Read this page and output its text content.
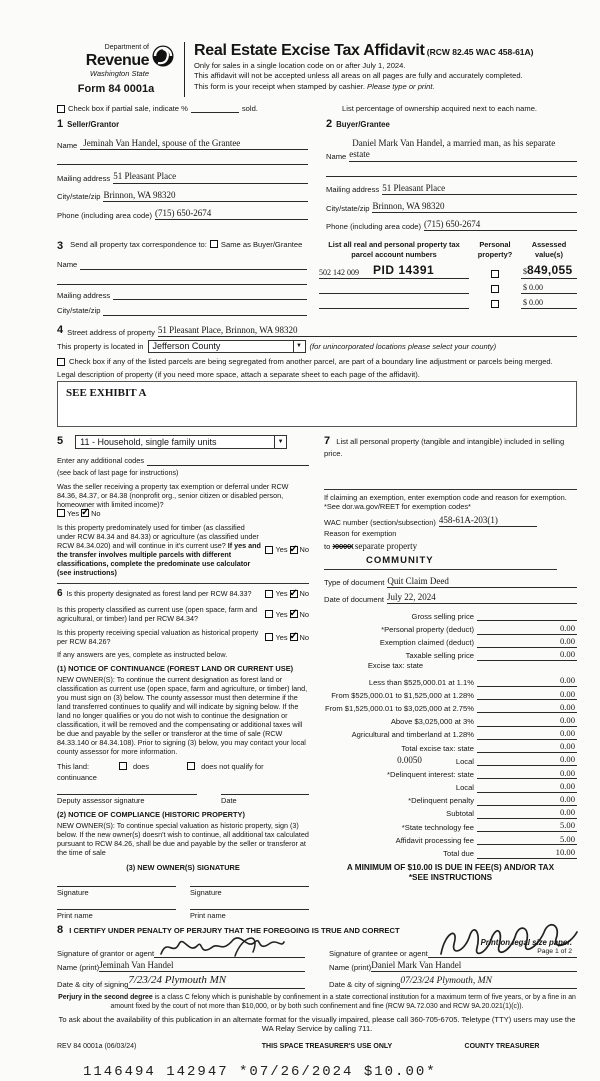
Department of
Revenue
Washington State
Form 84 0001a
Real Estate Excise Tax Affidavit (RCW 82.45 WAC 458-61A)
Only for sales in a single location code on or after July 1, 2024.
This affidavit will not be accepted unless all areas on all pages are fully and accurately completed.
This form is your receipt when stamped by cashier. Please type or print.
Check box if partial sale, indicate %	sold.	List percentage of ownership acquired next to each name.
1 Seller/Grantor
Name Jeminah Van Handel, spouse of the Grantee
Mailing address 51 Pleasant Place
City/state/zip Brinnon, WA 98320
Phone (including area code) (715) 650-2674
2 Buyer/Grantee
Name
Daniel Mark Van Handel, a married man, as his separate estate
Mailing address 51 Pleasant Place
City/state/zip Brinnon, WA 98320
Phone (including area code) (715) 650-2674
3 Send all property tax correspondence to: Same as Buyer/Grantee
Name
Mailing address
City/state/zip
List all real and personal property tax parcel account numbers
Personal property?
Assessed value(s)
502 142 009 PID 14391	$849,055
$ 0.00
$ 0.00
4 Street address of property 51 Pleasant Place, Brinnon, WA 98320
This property is located in Jefferson County	▼ (for unincorporated locations please select your county)
Check box if any of the listed parcels are being segregated from another parcel, are part of a boundary line adjustment or parcels being merged.
Legal description of property (if you need more space, attach a separate sheet to each page of the affidavit).
SEE EXHIBIT A
5 11 - Household, single family units	▼
Enter any additional codes
(see back of last page for instructions)
Was the seller receiving a property tax exemption or deferral under RCW 84.36, 84.37, or 84.38 (nonprofit org., senior citizen or disabled person, homeowner with limited income)?
Yes ✓ No
Is this property predominately used for timber (as classified under RCW 84.34 and 84.33) or agriculture (as classified under RCW 84.34.020) and will continue in it's current use? If yes and the transfer involves multiple parcels with different classifications, complete the predominate use calculator (see instructions)
Yes ✓ No
6 Is this property designated as forest land per RCW 84.33?	Yes ✓ No
Is this property classified as current use (open space, farm and agricultural, or timber) land per RCW 84.34?
Yes ✓ No
Is this property receiving special valuation as historical property per RCW 84.26?
Yes ✓ No
If any answers are yes, complete as instructed below.
(1) NOTICE OF CONTINUANCE (FOREST LAND OR CURRENT USE)
NEW OWNER(S): To continue the current designation as forest land or classification as current use (open space, farm and agriculture, or timber) land, you must sign on (3) below. The county assessor must then determine if the land transferred continues to qualify and will indicate by signing below. If the land no longer qualifies or you do not wish to continue the designation or classification, it will be removed and the compensating or additional taxes will be due and payable by the seller or transferor at the time of sale (RCW 84.33.140 or 84.34.108). Prior to signing (3) below, you may contact your local county assessor for more information.
This land:	does	does not qualify for
continuance
Deputy assessor signature	Date
(2) NOTICE OF COMPLIANCE (HISTORIC PROPERTY)
NEW OWNER(S): To continue special valuation as historic property, sign (3) below. If the new owner(s) doesn't wish to continue, all additional tax calculated pursuant to RCW 84.26, shall be due and payable by the seller or transferor at the time of sale
(3) NEW OWNER(S) SIGNATURE
Signature	Signature
Print name	Print name
7 List all personal property (tangible and intangible) included in selling price.
If claiming an exemption, enter exemption code and reason for exemption. *See dor.wa.gov/REET for exemption codes*
WAC number (section/subsection) 458-61A-203(1)
Reason for exemption
to XXXXX separate property
COMMUNITY
Type of document Quit Claim Deed
Date of document July 22, 2024
Gross selling price
*Personal property (deduct)	0.00
Exemption claimed (deduct)	0.00
Taxable selling price	0.00
Excise tax: state
Less than $525,000.01 at 1.1%	0.00
From $525,000.01 to $1,525,000 at 1.28%	0.00
From $1,525,000.01 to $3,025,000 at 2.75%	0.00
Above $3,025,000 at 3%	0.00
Agricultural and timberland at 1.28%	0.00
Total excise tax: state	0.00
0.0050	Local	0.00
*Delinquent interest: state	0.00
Local	0.00
*Delinquent penalty	0.00
Subtotal	0.00
*State technology fee	5.00
Affidavit processing fee	5.00
Total due	10.00
A MINIMUM OF $10.00 IS DUE IN FEE(S) AND/OR TAX
*SEE INSTRUCTIONS
8 I CERTIFY UNDER PENALTY OF PERJURY THAT THE FOREGOING IS TRUE AND CORRECT
Signature of grantor or agent
Name (print) Jeminah Van Handel
Date & city of signing 7/23/24 Plymouth MN
Signature of grantee or agent
Name (print) Daniel Mark Van Handel
Date & city of signing 07/23/24 Plymouth, MN
Perjury in the second degree is a class C felony which is punishable by confinement in a state correctional institution for a maximum term of five years, or by a fine in an amount fixed by the court of not more than $10,000, or by both such confinement and fine (RCW 9A.72.030 and RCW 9A.20.021(1)(c)).
To ask about the availability of this publication in an alternate format for the visually impaired, please call 360-705-6705. Teletype (TTY) users may use the WA Relay Service by calling 711.
REV 84 0001a (06/03/24)	THIS SPACE TREASURER'S USE ONLY	COUNTY TREASURER
1146494 142947 *07/26/2024 $10.00*
Print on legal size paper.
Page 1 of 2
